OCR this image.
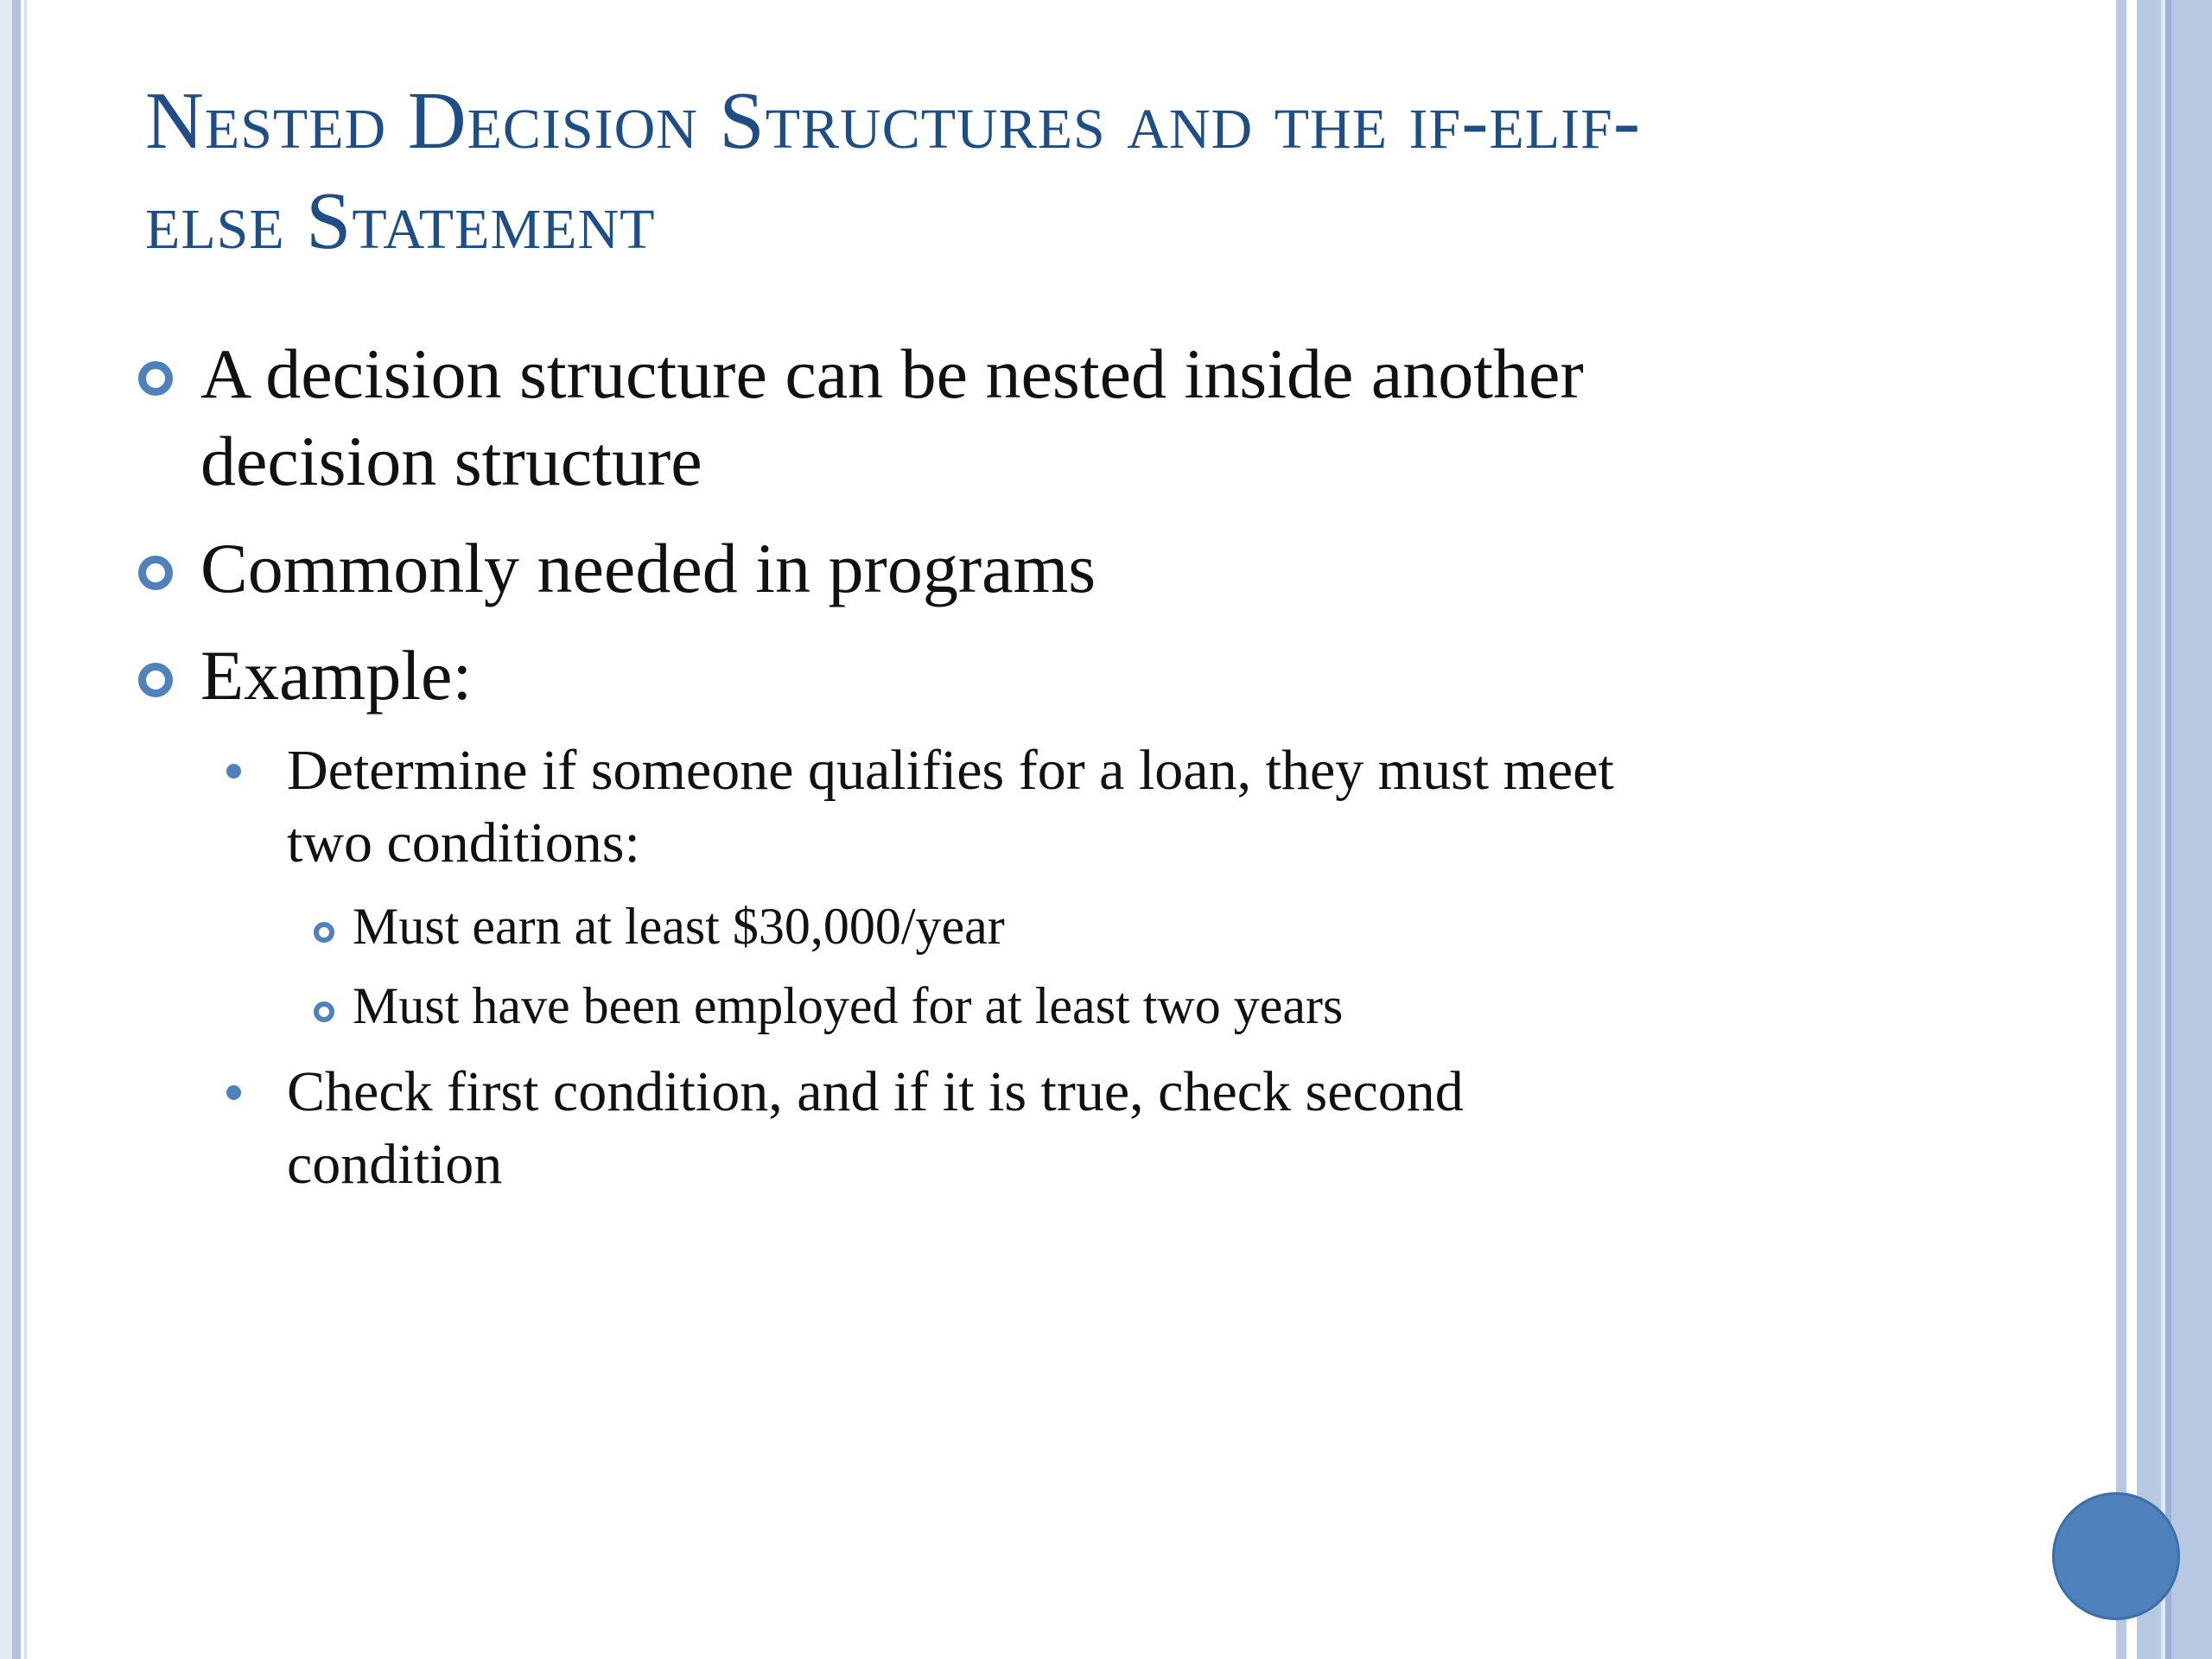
Nested Decision Structures and the if-elif-
else Statement
A decision structure can be nested inside another
decision structure
Commonly needed in programs
Example:
Determine if someone qualifies for a loan, they must meet
two conditions:
Must earn at least $30,000/year
Must have been employed for at least two years
Check first condition, and if it is true, check second
condition
